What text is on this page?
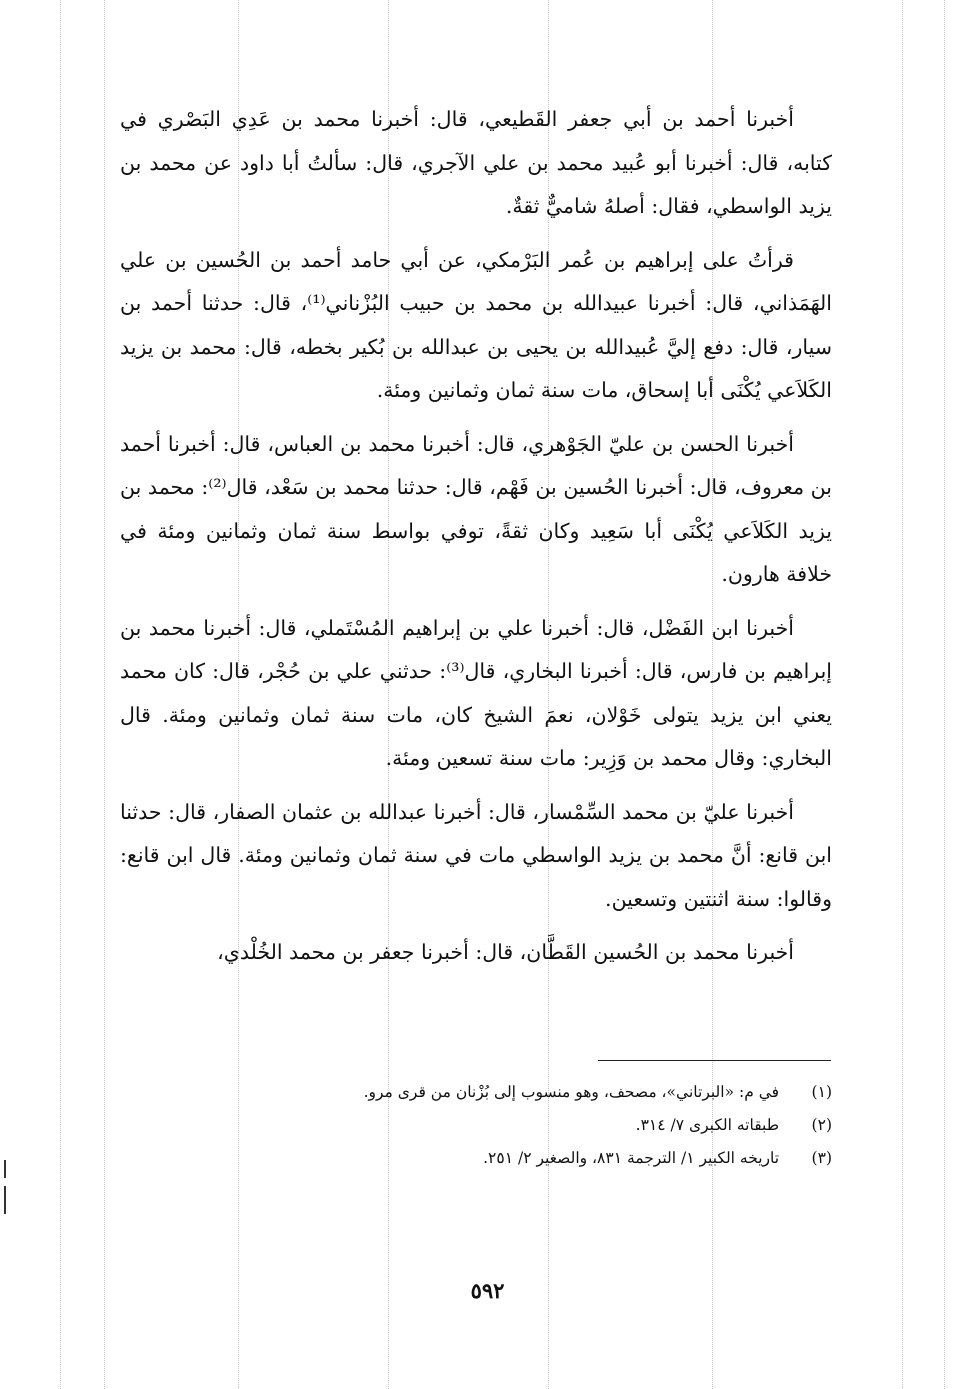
أخبرنا أحمد بن أبي جعفر القَطيعي، قال: أخبرنا محمد بن عَدِي البَصْري في كتابه، قال: أخبرنا أبو عُبيد محمد بن علي الآجري، قال: سألتُ أبا داود عن محمد بن يزيد الواسطي، فقال: أصلهُ شاميٌّ ثقةٌ.

قرأتُ على إبراهيم بن عُمر البَرْمكي، عن أبي حامد أحمد بن الحُسين بن علي الهَمَذاني، قال: أخبرنا عبيدالله بن محمد بن حبيب البُزْناني⁽¹⁾، قال: حدثنا أحمد بن سيار، قال: دفع إليَّ عُبيدالله بن يحيى بن عبدالله بن بُكير بخطه، قال: محمد بن يزيد الكَلاَعي يُكْنَى أبا إسحاق، مات سنة ثمان وثمانين ومئة.

أخبرنا الحسن بن عليّ الجَوْهري، قال: أخبرنا محمد بن العباس، قال: أخبرنا أحمد بن معروف، قال: أخبرنا الحُسين بن فَهْم، قال: حدثنا محمد بن سَعْد، قال⁽²⁾: محمد بن يزيد الكَلاَعي يُكْنَى أبا سَعِيد وكان ثقةً، توفي بواسط سنة ثمان وثمانين ومئة في خلافة هارون.

أخبرنا ابن الفَضْل، قال: أخبرنا علي بن إبراهيم المُسْتَملي، قال: أخبرنا محمد بن إبراهيم بن فارس، قال: أخبرنا البخاري، قال⁽³⁾: حدثني علي بن حُجْر، قال: كان محمد يعني ابن يزيد يتولى خَوْلان، نعمَ الشيخ كان، مات سنة ثمان وثمانين ومئة. قال البخاري: وقال محمد بن وَزِير: مات سنة تسعين ومئة.

أخبرنا عليّ بن محمد السِّمْسار، قال: أخبرنا عبدالله بن عثمان الصفار، قال: حدثنا ابن قانع: أنَّ محمد بن يزيد الواسطي مات في سنة ثمان وثمانين ومئة. قال ابن قانع: وقالوا: سنة اثنتين وتسعين.

أخبرنا محمد بن الحُسين القَطَّان، قال: أخبرنا جعفر بن محمد الخُلْدي،

(١) في م: «البرتاني»، مصحف، وهو منسوب إلى بُزْنان من قرى مرو.

(٢) طبقاته الكبرى ٧/ ٣١٤.

(٣) تاريخه الكبير ١/ الترجمة ٨٣١، والصغير ٢/ ٢٥١.

٥٩٢
